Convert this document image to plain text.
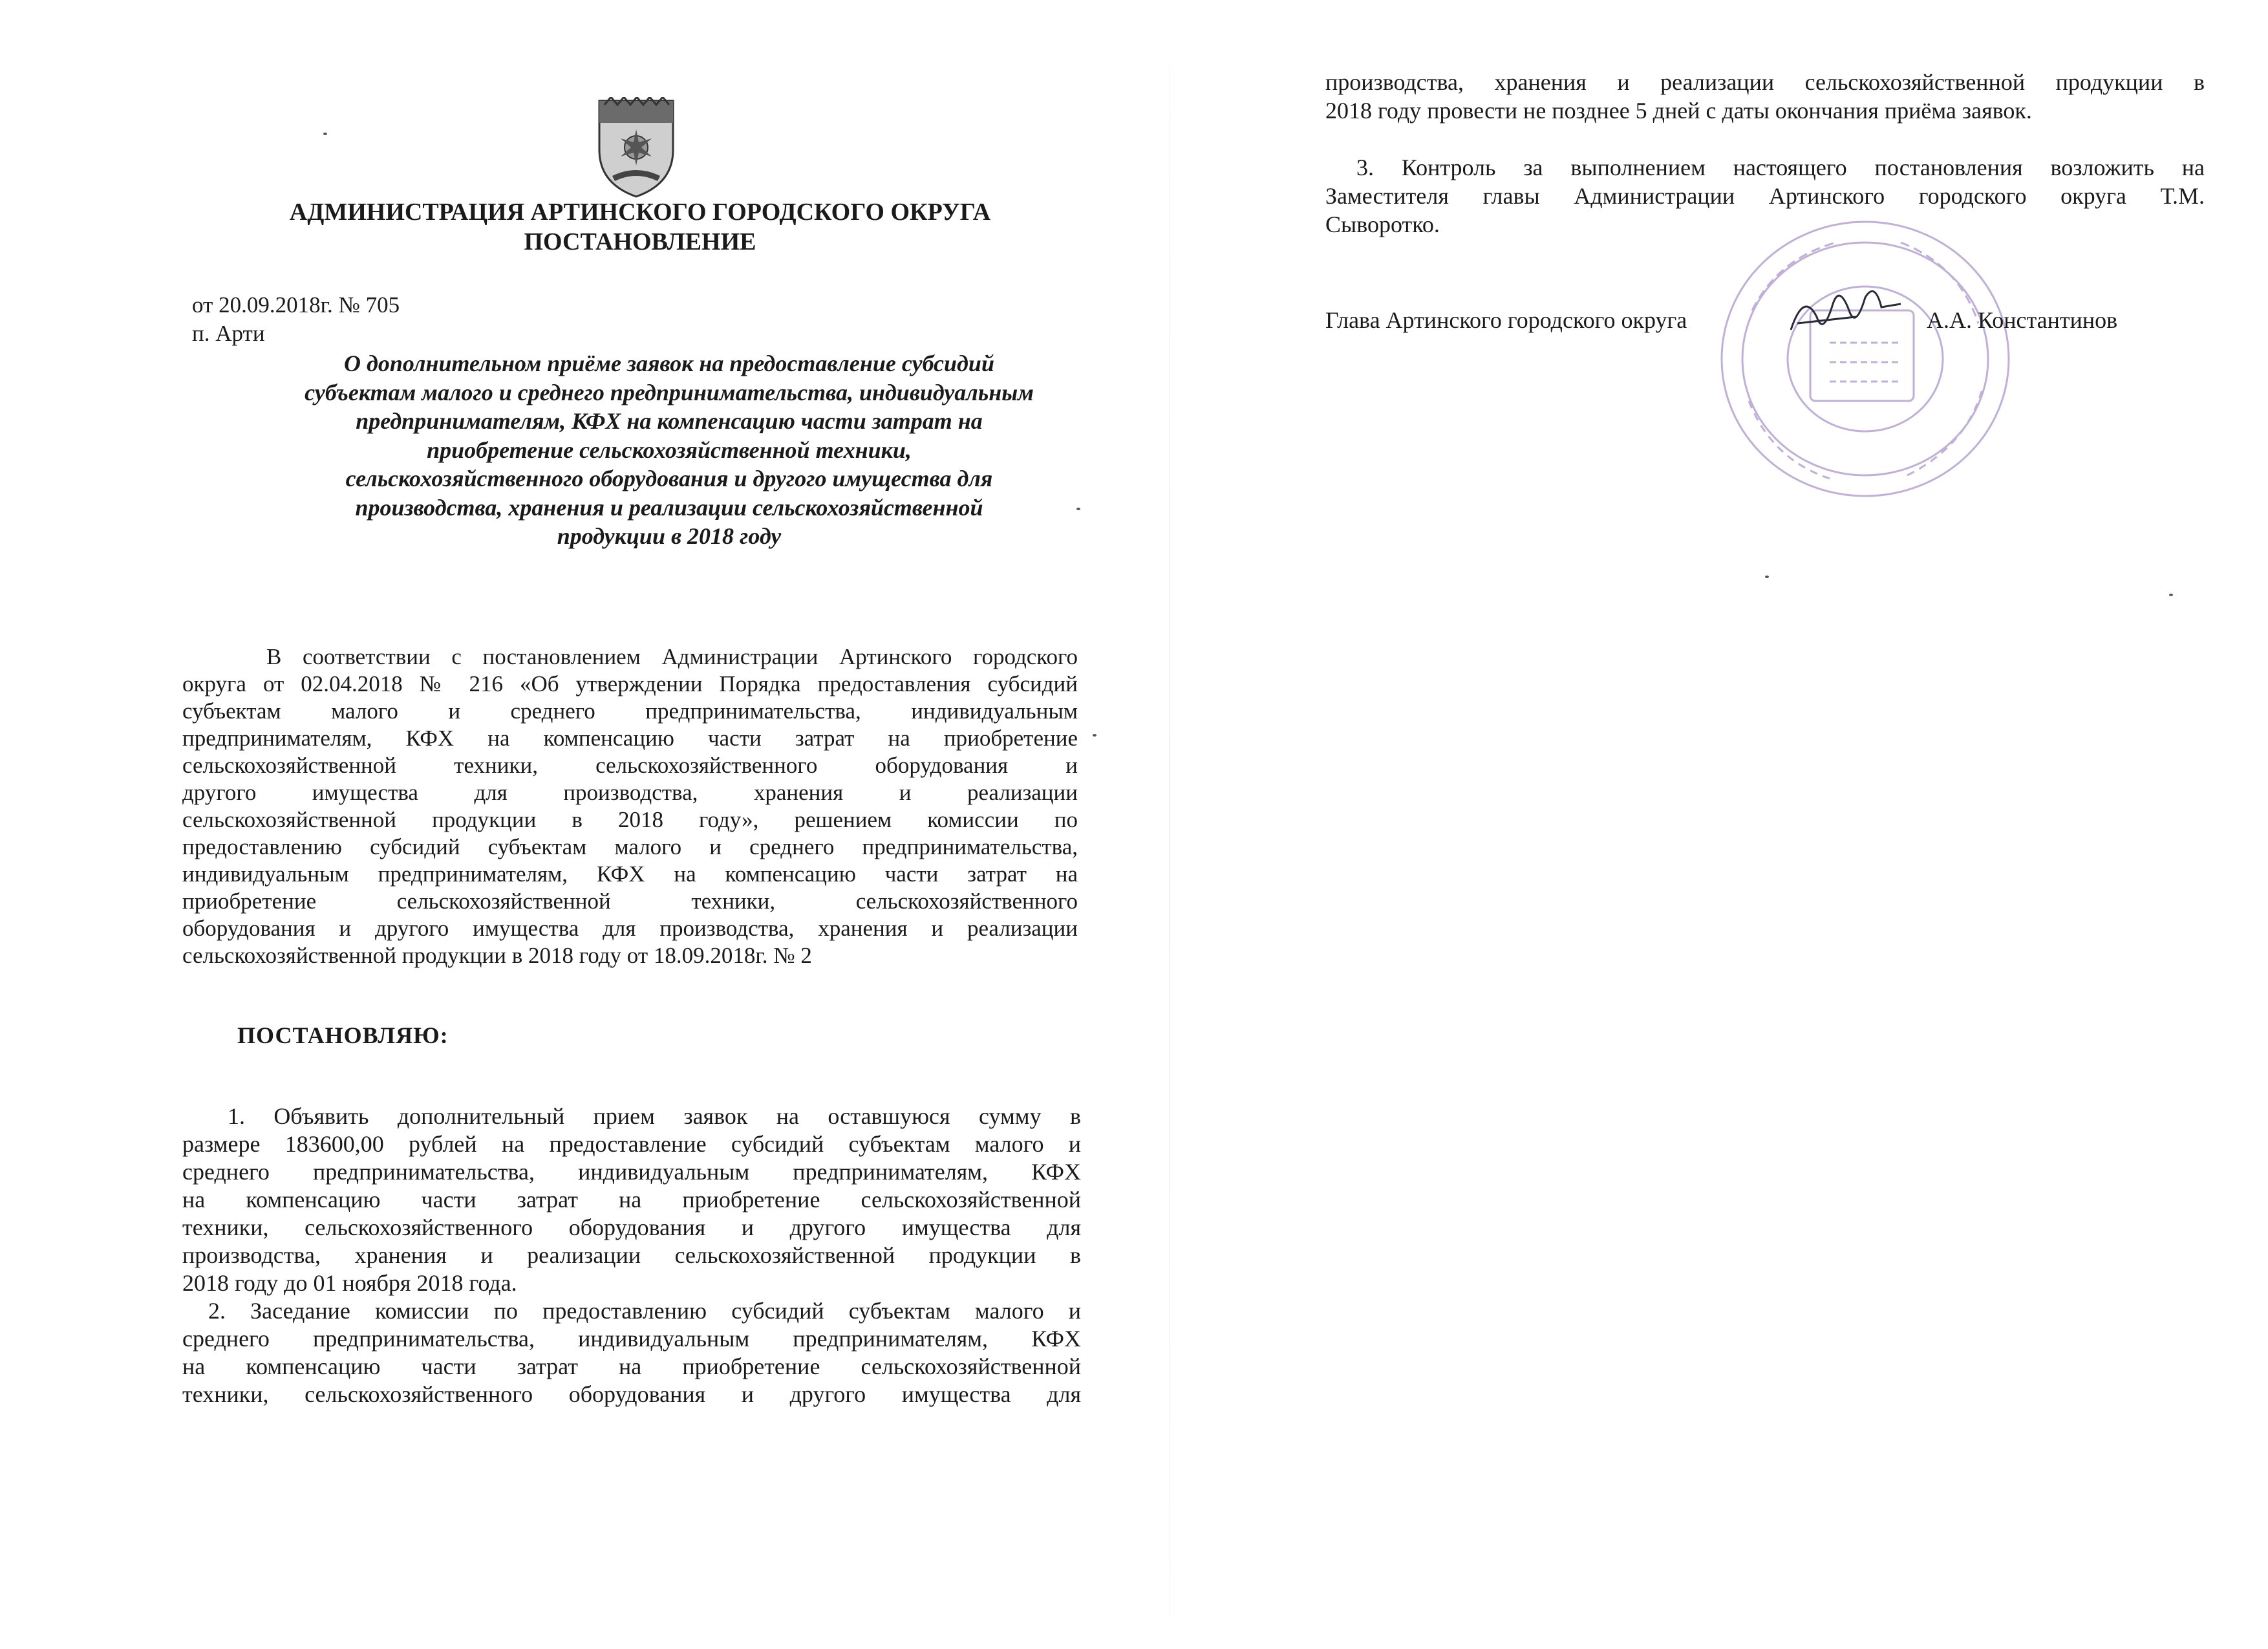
АДМИНИСТРАЦИЯ АРТИНСКОГО ГОРОДСКОГО ОКРУГА
ПОСТАНОВЛЕНИЕ
от 20.09.2018г. № 705
п. Арти
О дополнительном приёме заявок на предоставление субсидий
субъектам малого и среднего предпринимательства, индивидуальным
предпринимателям, КФХ на компенсацию части затрат на
приобретение сельскохозяйственной техники,
сельскохозяйственного оборудования и другого имущества для
производства, хранения и реализации сельскохозяйственной
продукции в 2018 году
В соответствии с постановлением Администрации Артинского городского
округа от 02.04.2018 № 216 «Об утверждении Порядка предоставления субсидий
субъектам малого и среднего предпринимательства, индивидуальным
предпринимателям, КФХ на компенсацию части затрат на приобретение
сельскохозяйственной техники, сельскохозяйственного оборудования и
другого имущества для производства, хранения и реализации
сельскохозяйственной продукции в 2018 году», решением комиссии по
предоставлению субсидий субъектам малого и среднего предпринимательства,
индивидуальным предпринимателям, КФХ на компенсацию части затрат на
приобретение сельскохозяйственной техники, сельскохозяйственного
оборудования и другого имущества для производства, хранения и реализации
сельскохозяйственной продукции в 2018 году от 18.09.2018г. № 2
ПОСТАНОВЛЯЮ:
1. Объявить дополнительный прием заявок на оставшуюся сумму в
размере 183600,00 рублей на предоставление субсидий субъектам малого и
среднего предпринимательства, индивидуальным предпринимателям, КФХ
на компенсацию части затрат на приобретение сельскохозяйственной
техники, сельскохозяйственного оборудования и другого имущества для
производства, хранения и реализации сельскохозяйственной продукции в
2018 году до 01 ноября 2018 года.
2. Заседание комиссии по предоставлению субсидий субъектам малого и
среднего предпринимательства, индивидуальным предпринимателям, КФХ
на компенсацию части затрат на приобретение сельскохозяйственной
техники, сельскохозяйственного оборудования и другого имущества для
производства, хранения и реализации сельскохозяйственной продукции в
2018 году провести не позднее 5 дней с даты окончания приёма заявок.
3. Контроль за выполнением настоящего постановления возложить на
Заместителя главы Администрации Артинского городского округа Т.М.
Сыворотко.
Глава Артинского городского округа	А.А. Константинов
